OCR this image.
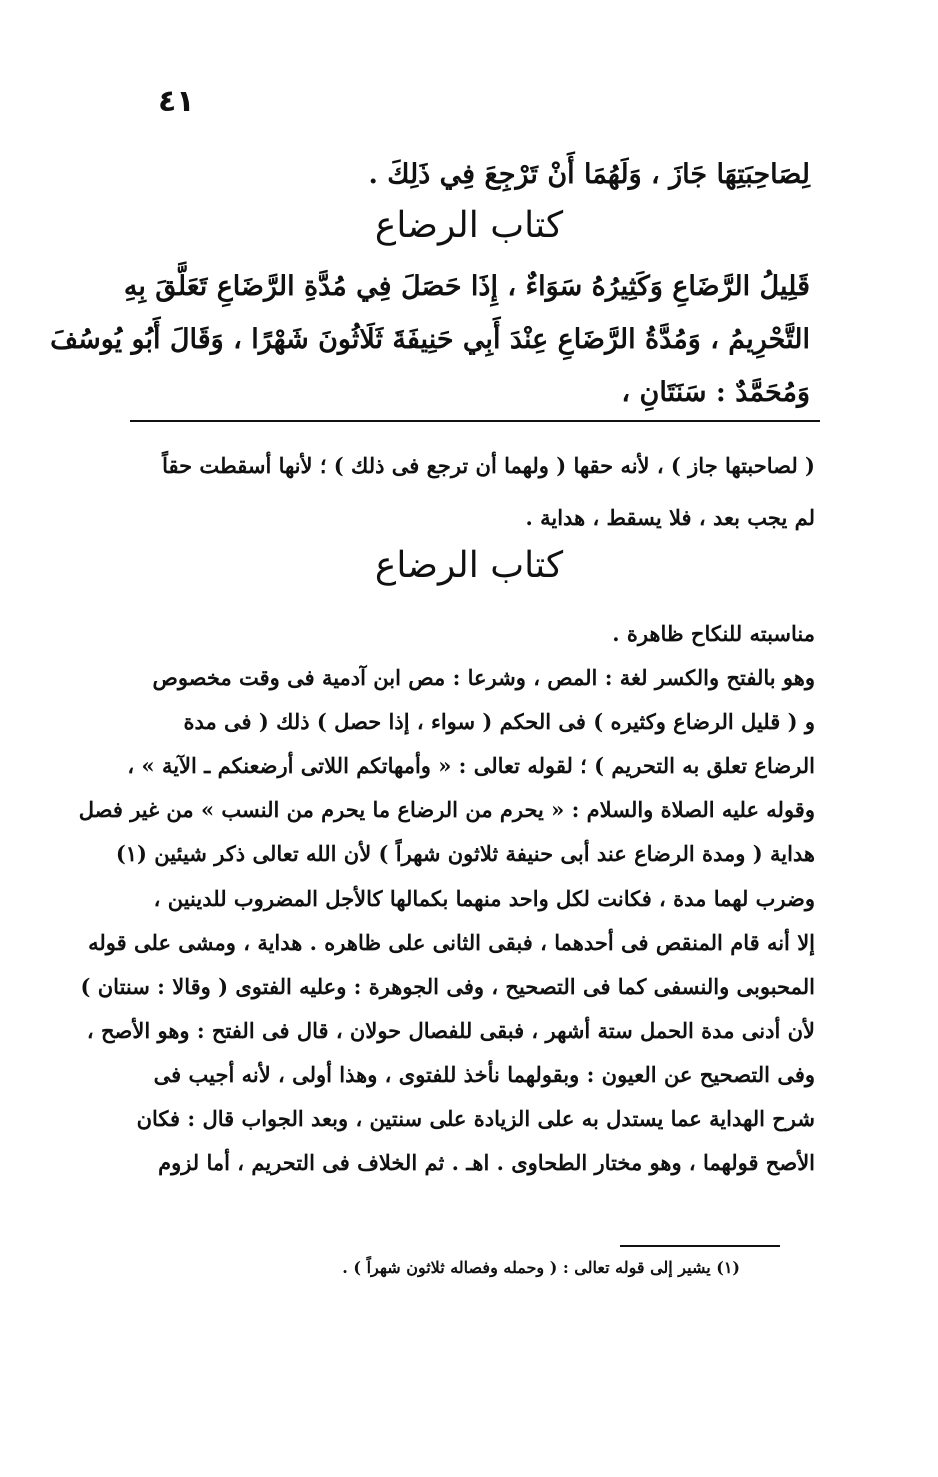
٤١
لِصَاحِبَتِهَا جَازَ ، وَلَهُمَا أَنْ تَرْجِعَ فِي ذَلِكَ .
كتاب الرضاع
قَلِيلُ الرَّضَاعِ وَكَثِيرُهُ سَوَاءٌ ، إِذَا حَصَلَ فِي مُدَّةِ الرَّضَاعِ تَعَلَّقَ بِهِ
التَّحْرِيمُ ، وَمُدَّةُ الرَّضَاعِ عِنْدَ أَبِي حَنِيفَةَ ثَلَاثُونَ شَهْرًا ، وَقَالَ أَبُو يُوسُفَ
وَمُحَمَّدٌ : سَنَتَانِ ،
( لصاحبتها جاز ) ، لأنه حقها ( ولهما أن ترجع فى ذلك ) ؛ لأنها أسقطت حقاً
لم يجب بعد ، فلا يسقط ، هداية .
كتاب الرضاع
مناسبته للنكاح ظاهرة .
وهو بالفتح والكسر لغة : المص ، وشرعا : مص ابن آدمية فى وقت مخصوص
و ( قليل الرضاع وكثيره ) فى الحكم ( سواء ، إذا حصل ) ذلك ( فى مدة
الرضاع تعلق به التحريم ) ؛ لقوله تعالى : « وأمهاتكم اللاتى أرضعنكم ـ الآية » ،
وقوله عليه الصلاة والسلام : « يحرم من الرضاع ما يحرم من النسب » من غير فصل
هداية ( ومدة الرضاع عند أبى حنيفة ثلاثون شهراً ) لأن الله تعالى ذكر شيئين (١)
وضرب لهما مدة ، فكانت لكل واحد منهما بكمالها كالأجل المضروب للدينين ،
إلا أنه قام المنقص فى أحدهما ، فبقى الثانى على ظاهره . هداية ، ومشى على قوله
المحبوبى والنسفى كما فى التصحيح ، وفى الجوهرة : وعليه الفتوى ( وقالا : سنتان )
لأن أدنى مدة الحمل ستة أشهر ، فبقى للفصال حولان ، قال فى الفتح : وهو الأصح ،
وفى التصحيح عن العيون : وبقولهما نأخذ للفتوى ، وهذا أولى ، لأنه أجيب فى
شرح الهداية عما يستدل به على الزيادة على سنتين ، وبعد الجواب قال : فكان
الأصح قولهما ، وهو مختار الطحاوى . اهـ . ثم الخلاف فى التحريم ، أما لزوم
(١) يشير إلى قوله تعالى : ( وحمله وفصاله ثلاثون شهراً ) .
